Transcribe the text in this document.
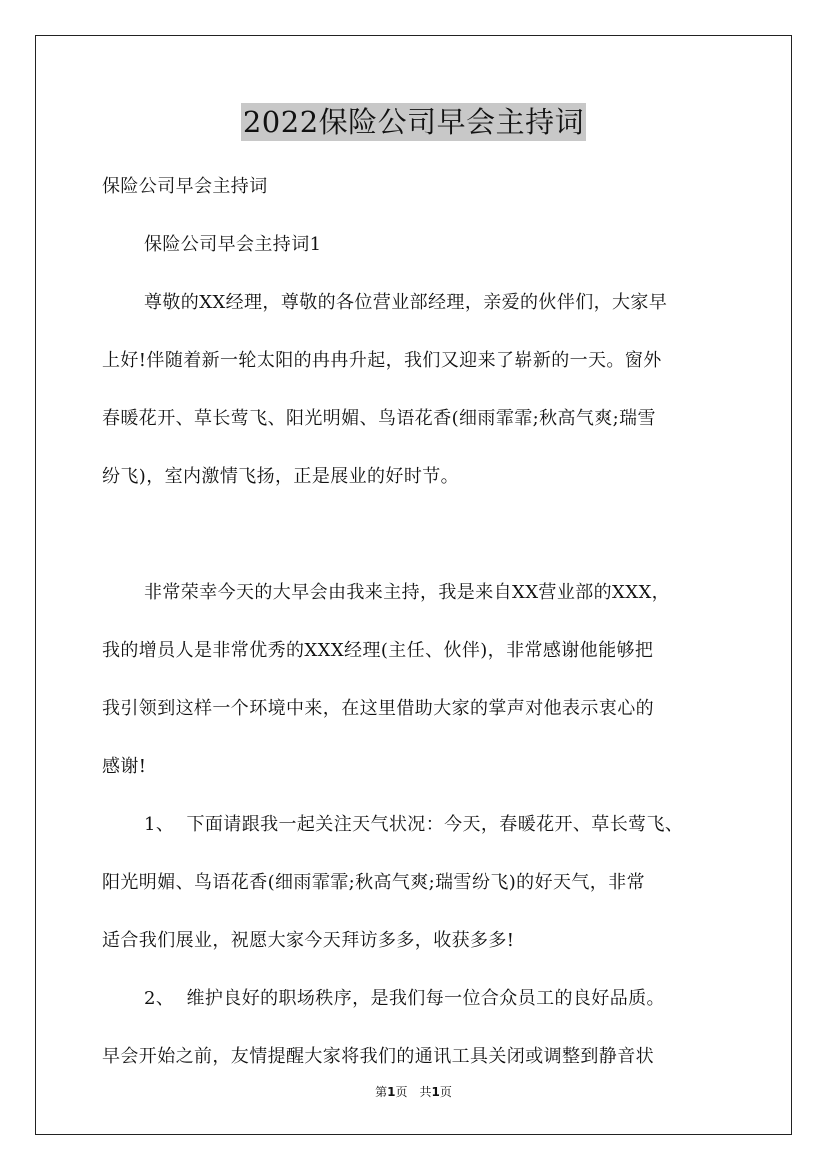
2022保险公司早会主持词
保险公司早会主持词
保险公司早会主持词1
尊敬的XX经理，尊敬的各位营业部经理，亲爱的伙伴们，大家早
上好!伴随着新一轮太阳的冉冉升起，我们又迎来了崭新的一天。窗外
春暖花开、草长莺飞、阳光明媚、鸟语花香(细雨霏霏;秋高气爽;瑞雪
纷飞)，室内激情飞扬，正是展业的好时节。
非常荣幸今天的大早会由我来主持，我是来自XX营业部的XXX，
我的增员人是非常优秀的XXX经理(主任、伙伴)，非常感谢他能够把
我引领到这样一个环境中来，在这里借助大家的掌声对他表示衷心的
感谢!
1、  下面请跟我一起关注天气状况：今天，春暖花开、草长莺飞、
阳光明媚、鸟语花香(细雨霏霏;秋高气爽;瑞雪纷飞)的好天气，非常
适合我们展业，祝愿大家今天拜访多多，收获多多!
2、  维护良好的职场秩序，是我们每一位合众员工的良好品质。
早会开始之前，友情提醒大家将我们的通讯工具关闭或调整到静音状
第1页 共1页
